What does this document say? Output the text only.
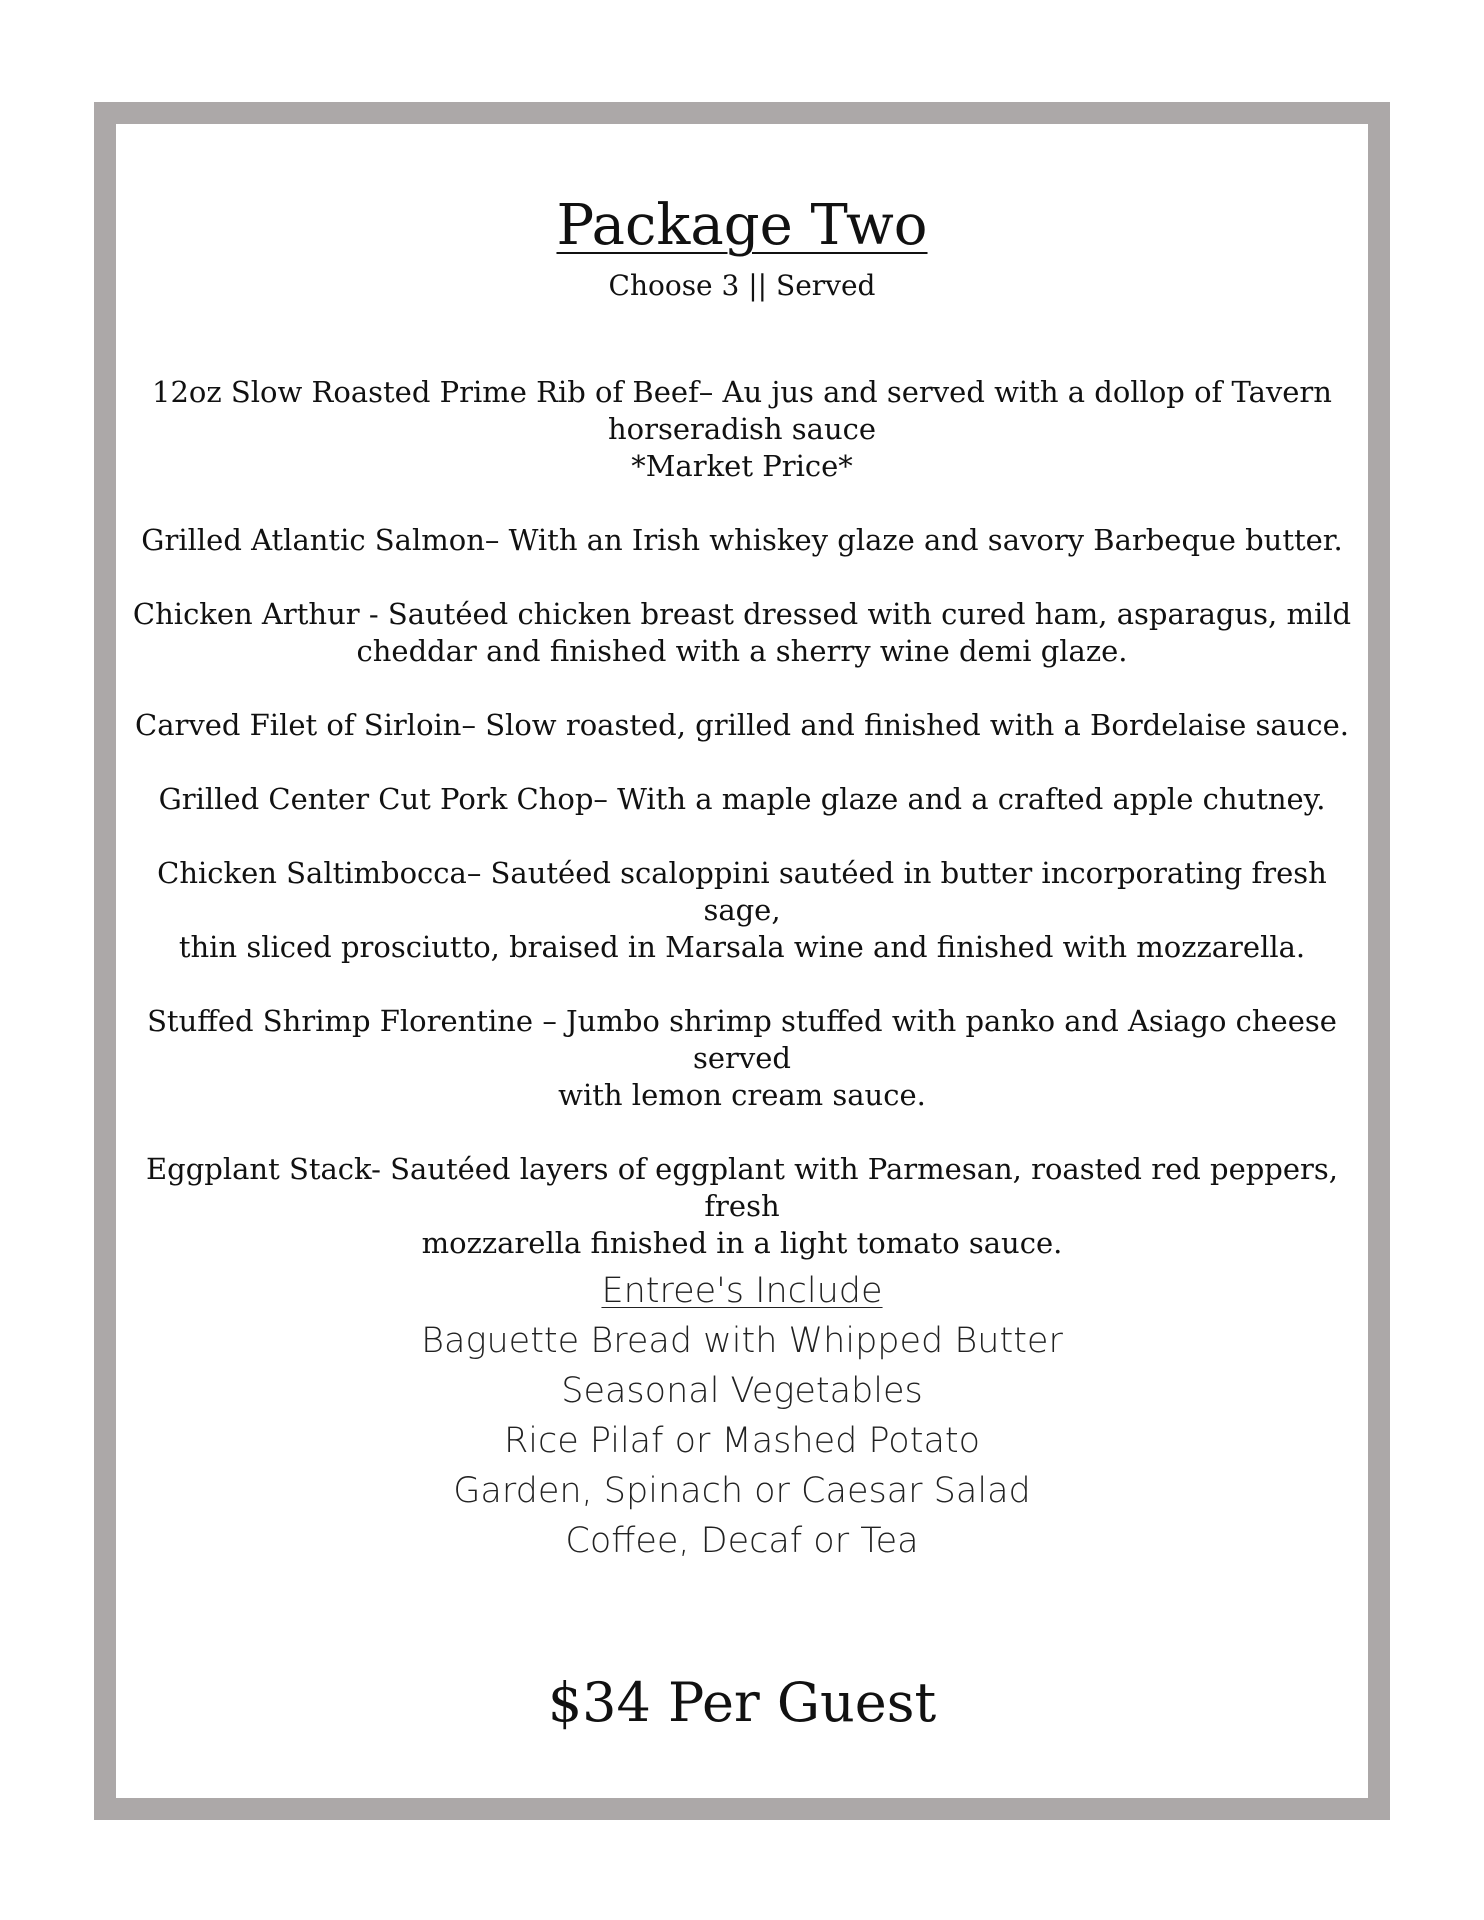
Package Two
Choose 3 || Served
12oz Slow Roasted Prime Rib of Beef– Au jus and served with a dollop of Tavern
horseradish sauce
*Market Price*
Grilled Atlantic Salmon– With an Irish whiskey glaze and savory Barbeque butter.
Chicken Arthur - Sautéed chicken breast dressed with cured ham, asparagus, mild
cheddar and finished with a sherry wine demi glaze.
Carved Filet of Sirloin– Slow roasted, grilled and finished with a Bordelaise sauce.
Grilled Center Cut Pork Chop– With a maple glaze and a crafted apple chutney.
Chicken Saltimbocca– Sautéed scaloppini sautéed in butter incorporating fresh sage,
thin sliced prosciutto, braised in Marsala wine and finished with mozzarella.
Stuffed Shrimp Florentine – Jumbo shrimp stuffed with panko and Asiago cheese served
with lemon cream sauce.
Eggplant Stack- Sautéed layers of eggplant with Parmesan, roasted red peppers, fresh
mozzarella finished in a light tomato sauce.
Entree's Include
Baguette Bread with Whipped Butter
Seasonal Vegetables
Rice Pilaf or Mashed Potato
Garden, Spinach or Caesar Salad
Coffee, Decaf or Tea
$34 Per Guest
